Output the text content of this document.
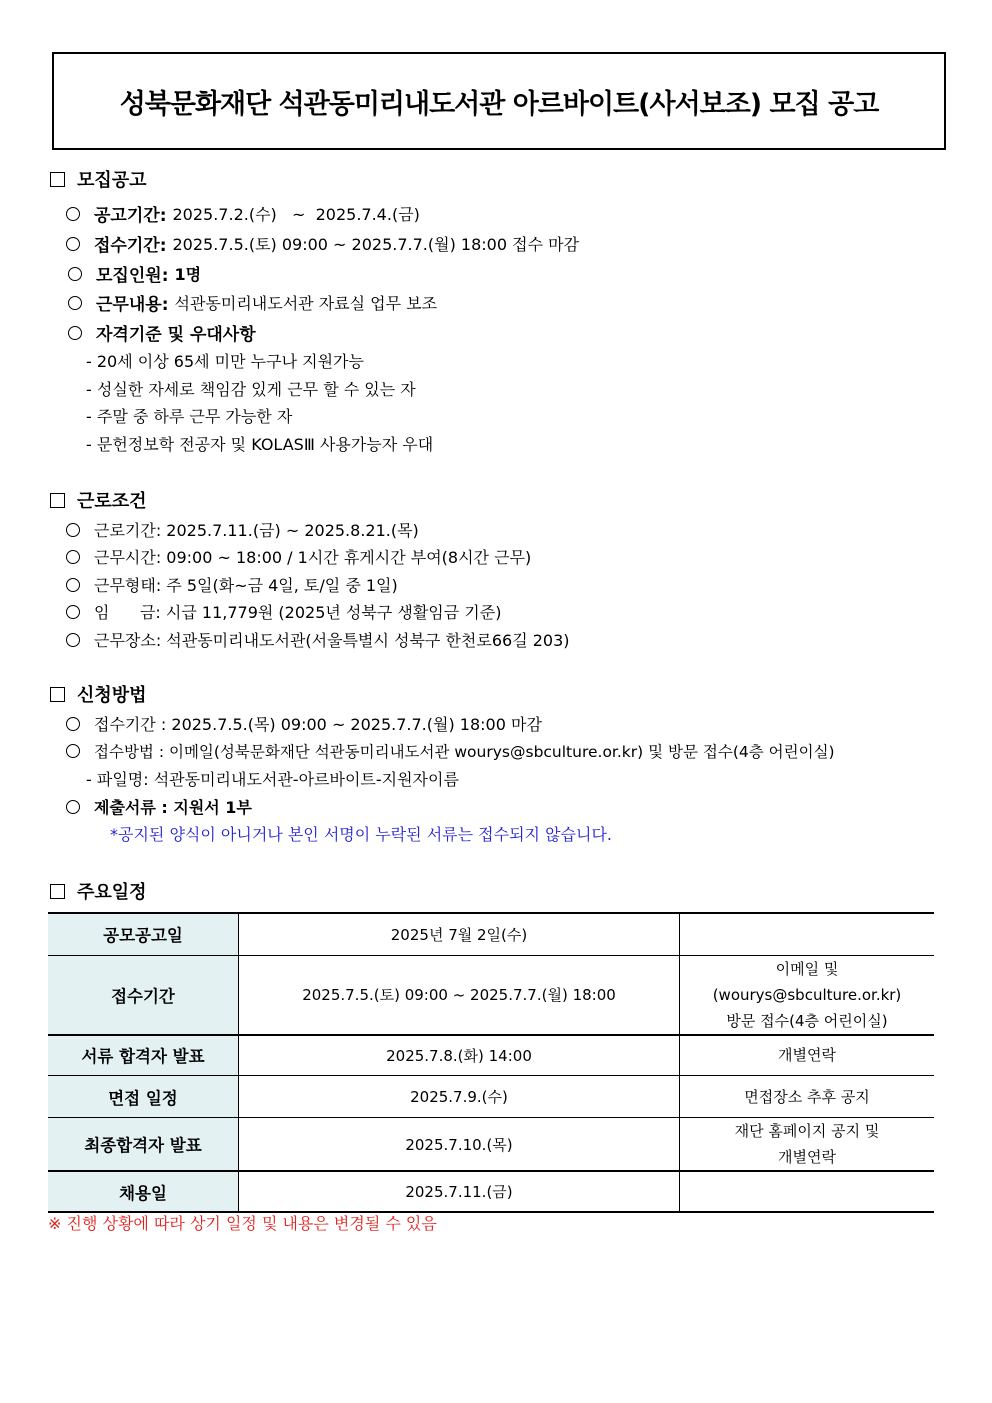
성북문화재단 석관동미리내도서관 아르바이트(사서보조) 모집 공고
모집공고
공고기간: 2025.7.2.(수)   ~  2025.7.4.(금)
접수기간: 2025.7.5.(토) 09:00 ~ 2025.7.7.(월) 18:00 접수 마감
모집인원: 1명
근무내용: 석관동미리내도서관 자료실 업무 보조
자격기준 및 우대사항
- 20세 이상 65세 미만 누구나 지원가능
- 성실한 자세로 책임감 있게 근무 할 수 있는 자
- 주말 중 하루 근무 가능한 자
- 문헌정보학 전공자 및 KOLASⅢ 사용가능자 우대
근로조건
근로기간: 2025.7.11.(금) ~ 2025.8.21.(목)
근무시간: 09:00 ~ 18:00 / 1시간 휴게시간 부여(8시간 근무)
근무형태: 주 5일(화~금 4일, 토/일 중 1일)
임      금: 시급 11,779원 (2025년 성북구 생활임금 기준)
근무장소: 석관동미리내도서관(서울특별시 성북구 한천로66길 203)
신청방법
접수기간 : 2025.7.5.(목) 09:00 ~ 2025.7.7.(월) 18:00 마감
접수방법 : 이메일(성북문화재단 석관동미리내도서관 wourys@sbculture.or.kr) 및 방문 접수(4층 어린이실)
- 파일명: 석관동미리내도서관-아르바이트-지원자이름
제출서류 : 지원서 1부
*공지된 양식이 아니거나 본인 서명이 누락된 서류는 접수되지 않습니다.
주요일정
공모공고일	2025년 7월 2일(수)	
접수기간	2025.7.5.(토) 09:00 ~ 2025.7.7.(월) 18:00	이메일 및
(wourys@sbculture.or.kr)
방문 접수(4층 어린이실)

서류 합격자 발표	2025.7.8.(화) 14:00	개별연락
면접 일정	2025.7.9.(수)	면접장소 추후 공지
최종합격자 발표	2025.7.10.(목)	재단 홈페이지 공지 및
개별연락

채용일	2025.7.11.(금)	
※ 진행 상황에 따라 상기 일정 및 내용은 변경될 수 있음
